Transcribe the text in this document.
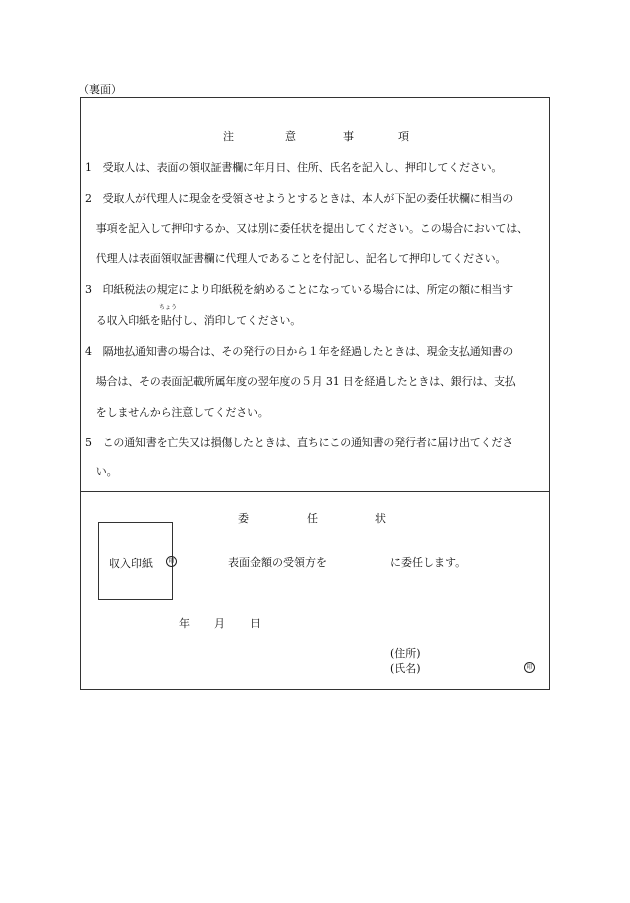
（裏面）
注	意	事	項
1　受取人は、表面の領収証書欄に年月日、住所、氏名を記入し、押印してください。
2　受取人が代理人に現金を受領させようとするときは、本人が下記の委任状欄に相当の
　事項を記入して押印するか、又は別に委任状を提出してください。この場合においては、
　代理人は表面領収証書欄に代理人であることを付記し、記名して押印してください。
3　印紙税法の規定により印紙税を納めることになっている場合には、所定の額に相当す
ちょう
　る収入印紙を貼付し、消印してください。
4　隔地払通知書の場合は、その発行の日から１年を経過したときは、現金支払通知書の
　場合は、その表面記載所属年度の翌年度の５月 31 日を経過したときは、銀行は、支払
　をしませんから注意してください。
5　この通知書を亡失又は損傷したときは、直ちにこの通知書の発行者に届け出てくださ
　い。
委	任	状
収入印紙	印	表面金額の受領方を	に委任します。
年 月 日
(住所)
(氏名)	印
